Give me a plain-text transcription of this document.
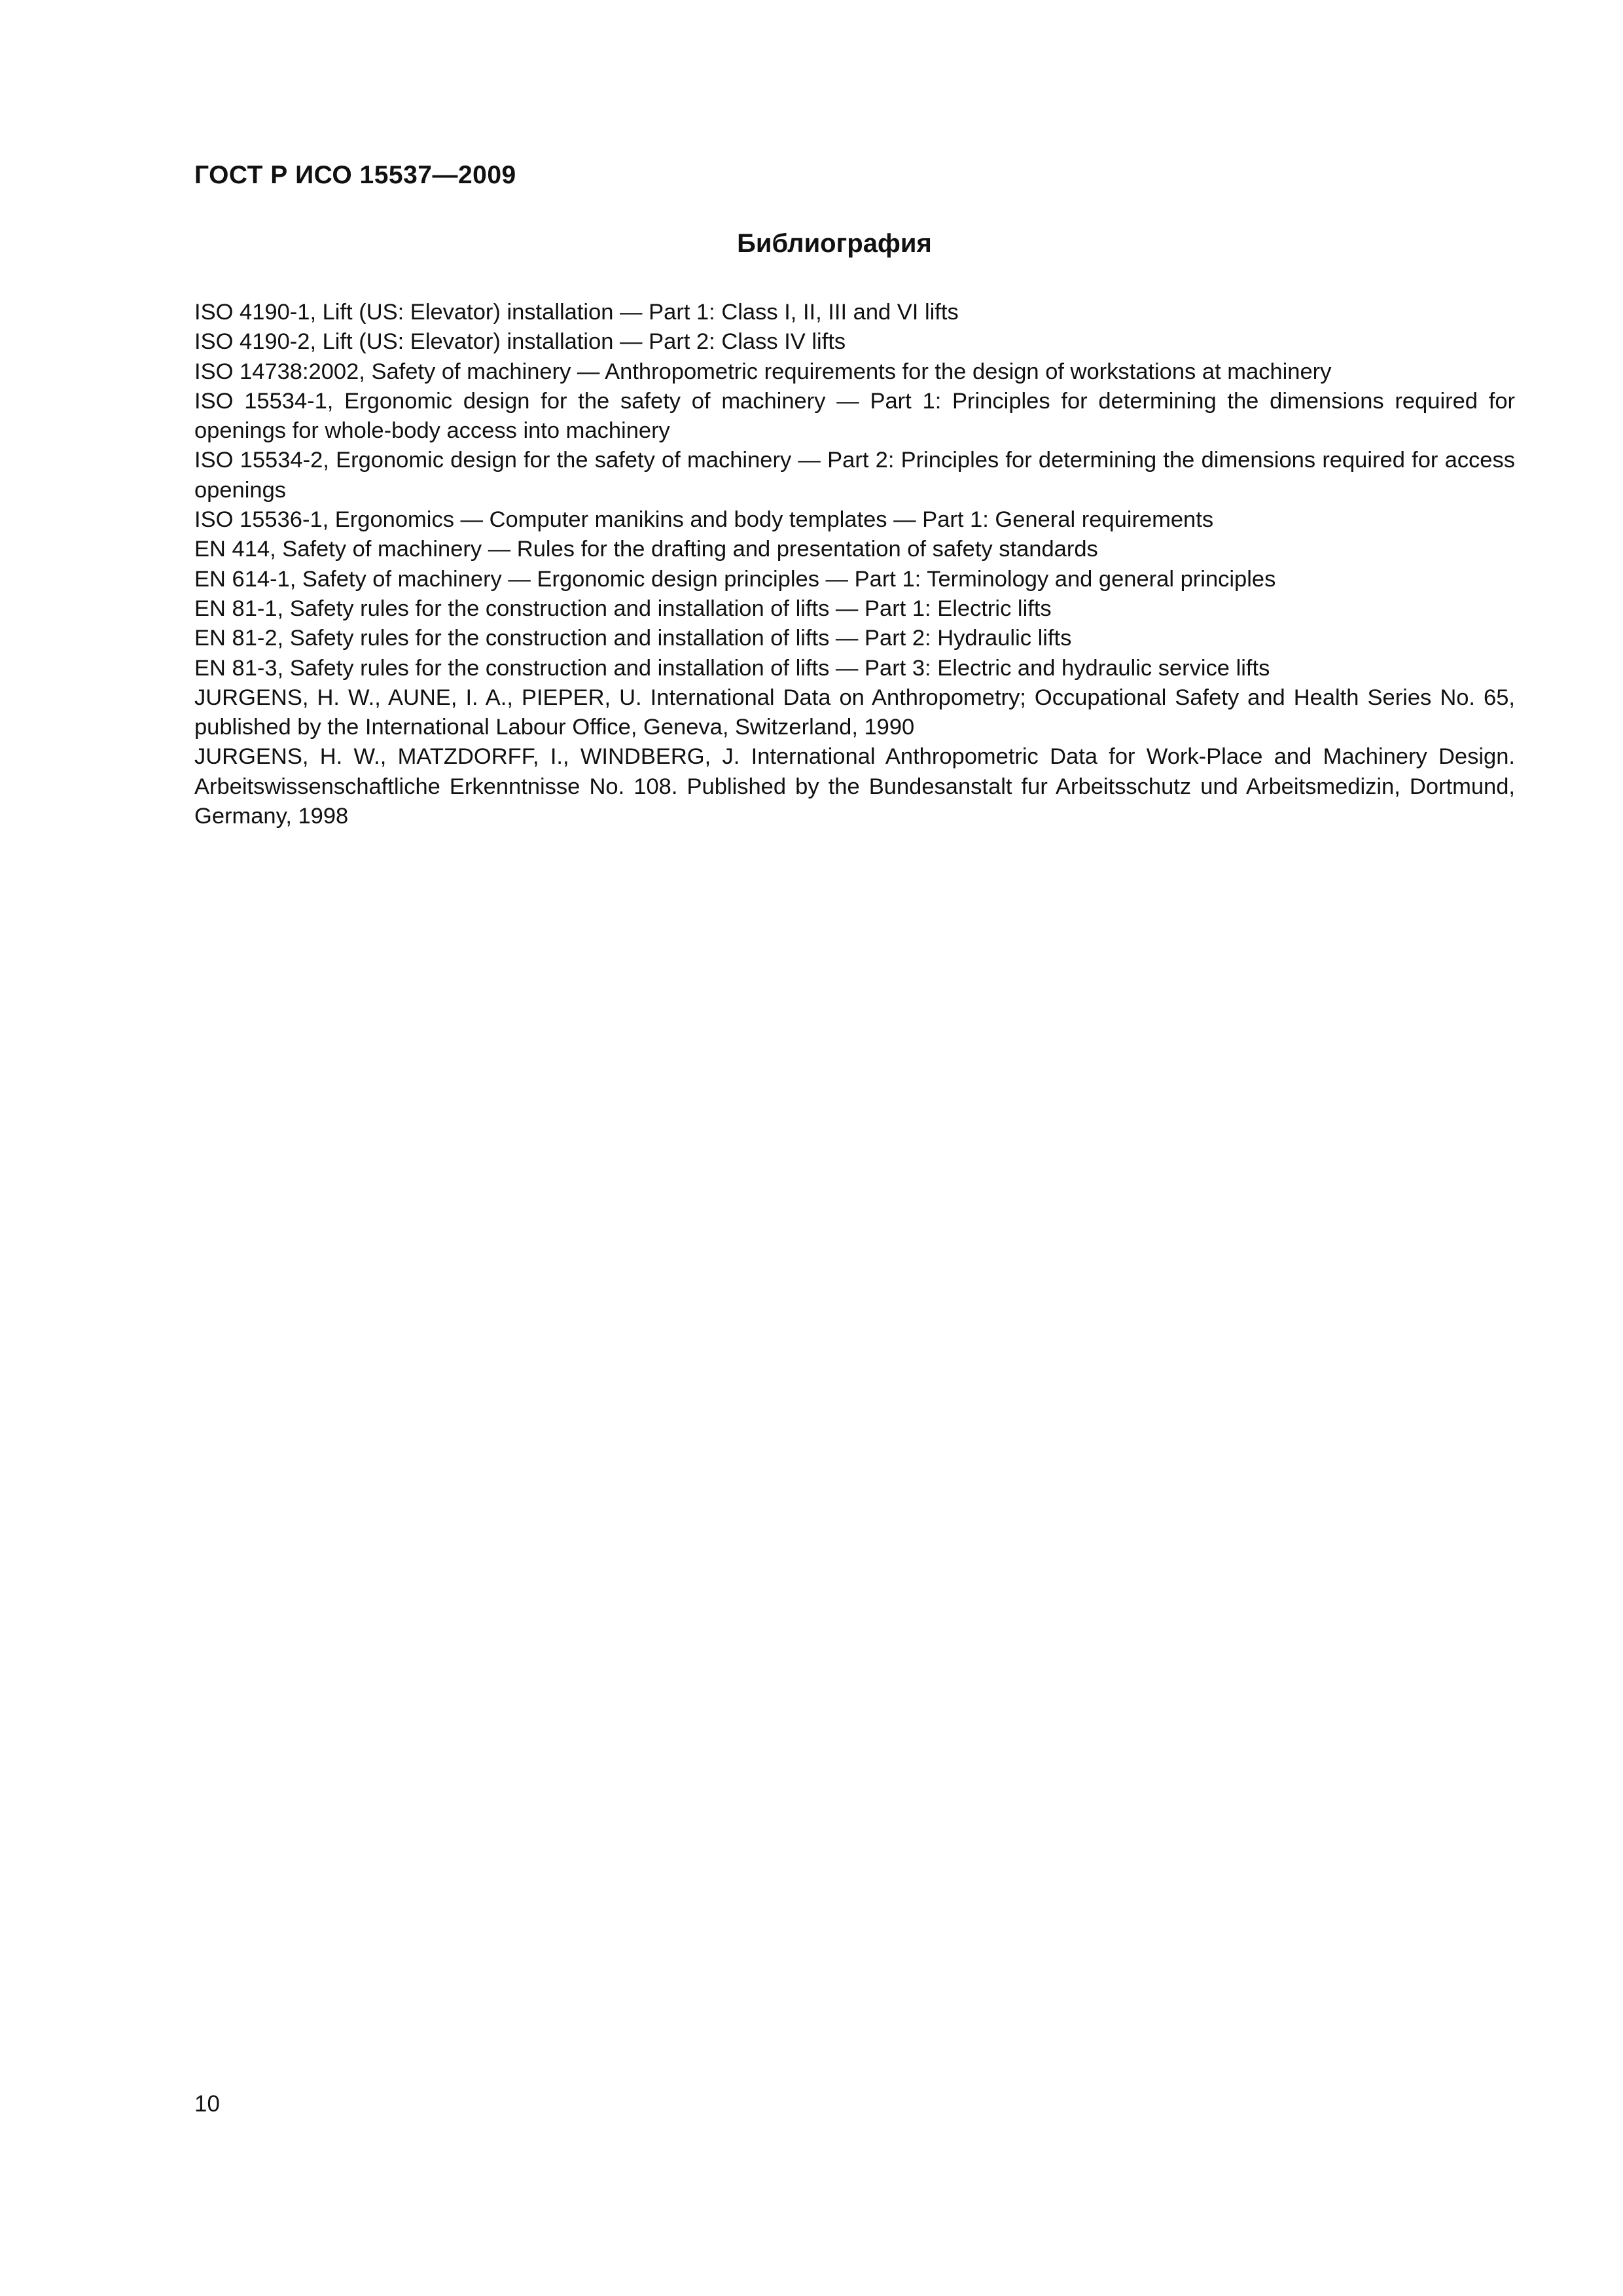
ГОСТ Р ИСО 15537—2009
Библиография
ISO 4190-1, Lift (US: Elevator) installation — Part 1: Class I, II, III and VI lifts
ISO 4190-2, Lift (US: Elevator) installation — Part 2: Class IV lifts
ISO 14738:2002, Safety of machinery — Anthropometric requirements for the design of workstations at machinery
ISO 15534-1, Ergonomic design for the safety of machinery — Part 1: Principles for determining the dimensions required for openings for whole-body access into machinery
ISO 15534-2, Ergonomic design for the safety of machinery — Part 2: Principles for determining the dimensions required for access openings
ISO 15536-1, Ergonomics — Computer manikins and body templates — Part 1: General requirements
EN 414, Safety of machinery — Rules for the drafting and presentation of safety standards
EN 614-1, Safety of machinery — Ergonomic design principles — Part 1: Terminology and general principles
EN 81-1, Safety rules for the construction and installation of lifts — Part 1: Electric lifts
EN 81-2, Safety rules for the construction and installation of lifts — Part 2: Hydraulic lifts
EN 81-3, Safety rules for the construction and installation of lifts — Part 3: Electric and hydraulic service lifts
JURGENS, H. W., AUNE, I. A., PIEPER, U. International Data on Anthropometry; Occupational Safety and Health Series No. 65, published by the International Labour Office, Geneva, Switzerland, 1990
JURGENS, H. W., MATZDORFF, I., WINDBERG, J. International Anthropometric Data for Work-Place and Machinery Design. Arbeitswissenschaftliche Erkenntnisse No. 108. Published by the Bundesanstalt fur Arbeitsschutz und Arbeitsmedizin, Dortmund, Germany, 1998
10
